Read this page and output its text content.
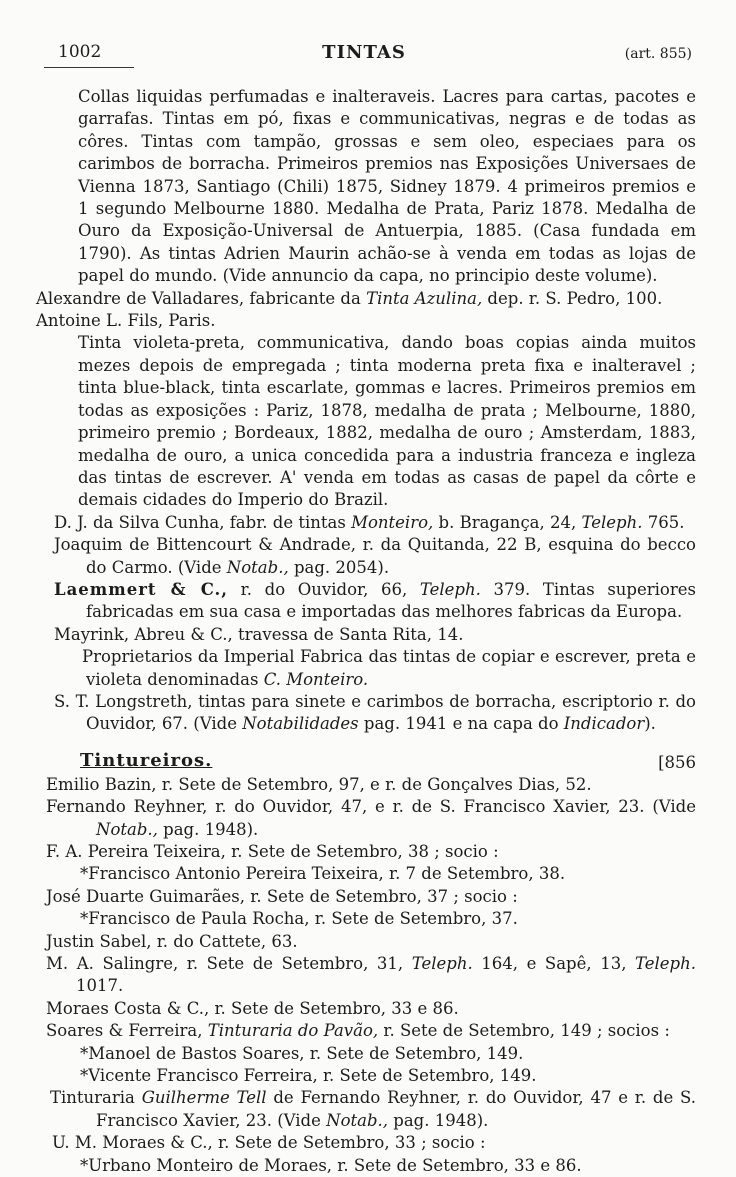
1002	TINTAS	(art. 855)
Collas liquidas perfumadas e inalteraveis. Lacres para cartas, pacotes e garrafas. Tintas em pó, fixas e communicativas, negras e de todas as côres. Tintas com tampão, grossas e sem oleo, especiaes para os carimbos de borracha. Primeiros premios nas Exposições Universaes de Vienna 1873, Santiago (Chili) 1875, Sidney 1879. 4 primeiros premios e 1 segundo Melbourne 1880. Medalha de Prata, Pariz 1878. Medalha de Ouro da Exposição-Universal de Antuerpia, 1885. (Casa fundada em 1790). As tintas Adrien Maurin achão-se à venda em todas as lojas de papel do mundo. (Vide annuncio da capa, no principio deste volume).
Alexandre de Valladares, fabricante da Tinta Azulina, dep. r. S. Pedro, 100.
Antoine L. Fils, Paris.
Tinta violeta-preta, communicativa, dando boas copias ainda muitos mezes depois de empregada ; tinta moderna preta fixa e inalteravel ; tinta blue-black, tinta escarlate, gommas e lacres. Primeiros premios em todas as exposições : Pariz, 1878, medalha de prata ; Melbourne, 1880, primeiro premio ; Bordeaux, 1882, medalha de ouro ; Amsterdam, 1883, medalha de ouro, a unica concedida para a industria franceza e ingleza das tintas de escrever. A' venda em todas as casas de papel da côrte e demais cidades do Imperio do Brazil.
D. J. da Silva Cunha, fabr. de tintas Monteiro, b. Bragança, 24, Teleph. 765.
Joaquim de Bittencourt & Andrade, r. da Quitanda, 22 B, esquina do becco do Carmo. (Vide Notab., pag. 2054).
Laemmert & C., r. do Ouvidor, 66, Teleph. 379. Tintas superiores fabricadas em sua casa e importadas das melhores fabricas da Europa.
Mayrink, Abreu & C., travessa de Santa Rita, 14.
Proprietarios da Imperial Fabrica das tintas de copiar e escrever, preta e violeta denominadas C. Monteiro.
S. T. Longstreth, tintas para sinete e carimbos de borracha, escriptorio r. do Ouvidor, 67. (Vide Notabilidades pag. 1941 e na capa do Indicador).
Tintureiros.	[856
Emilio Bazin, r. Sete de Setembro, 97, e r. de Gonçalves Dias, 52.
Fernando Reyhner, r. do Ouvidor, 47, e r. de S. Francisco Xavier, 23. (Vide Notab., pag. 1948).
F. A. Pereira Teixeira, r. Sete de Setembro, 38 ; socio :
*Francisco Antonio Pereira Teixeira, r. 7 de Setembro, 38.
José Duarte Guimarães, r. Sete de Setembro, 37 ; socio :
*Francisco de Paula Rocha, r. Sete de Setembro, 37.
Justin Sabel, r. do Cattete, 63.
M. A. Salingre, r. Sete de Setembro, 31, Teleph. 164, e Sapê, 13, Teleph. 1017.
Moraes Costa & C., r. Sete de Setembro, 33 e 86.
Soares & Ferreira, Tinturaria do Pavão, r. Sete de Setembro, 149 ; socios :
*Manoel de Bastos Soares, r. Sete de Setembro, 149.
*Vicente Francisco Ferreira, r. Sete de Setembro, 149.
Tinturaria Guilherme Tell de Fernando Reyhner, r. do Ouvidor, 47 e r. de S. Francisco Xavier, 23. (Vide Notab., pag. 1948).
U. M. Moraes & C., r. Sete de Setembro, 33 ; socio :
*Urbano Monteiro de Moraes, r. Sete de Setembro, 33 e 86.
